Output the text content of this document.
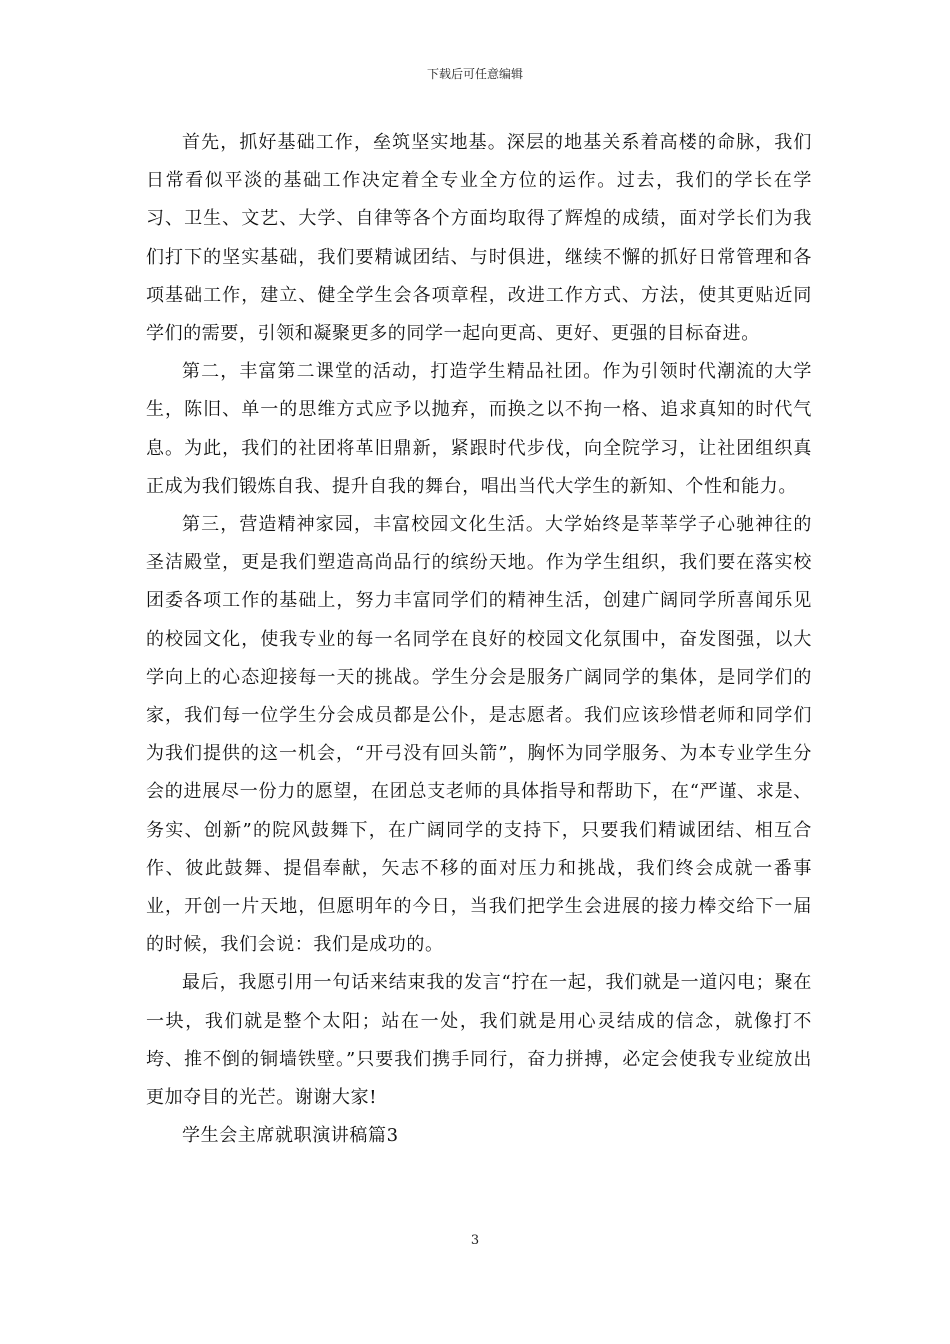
下载后可任意编辑

首先，抓好基础工作，垒筑坚实地基。深层的地基关系着高楼的命脉，我们日常看似平淡的基础工作决定着全专业全方位的运作。过去，我们的学长在学习、卫生、文艺、大学、自律等各个方面均取得了辉煌的成绩，面对学长们为我们打下的坚实基础，我们要精诚团结、与时俱进，继续不懈的抓好日常管理和各项基础工作，建立、健全学生会各项章程，改进工作方式、方法，使其更贴近同学们的需要，引领和凝聚更多的同学一起向更高、更好、更强的目标奋进。

第二，丰富第二课堂的活动，打造学生精品社团。作为引领时代潮流的大学生，陈旧、单一的思维方式应予以抛弃，而换之以不拘一格、追求真知的时代气息。为此，我们的社团将革旧鼎新，紧跟时代步伐，向全院学习，让社团组织真正成为我们锻炼自我、提升自我的舞台，唱出当代大学生的新知、个性和能力。

第三，营造精神家园，丰富校园文化生活。大学始终是莘莘学子心驰神往的圣洁殿堂，更是我们塑造高尚品行的缤纷天地。作为学生组织，我们要在落实校团委各项工作的基础上，努力丰富同学们的精神生活，创建广阔同学所喜闻乐见的校园文化，使我专业的每一名同学在良好的校园文化氛围中，奋发图强，以大学向上的心态迎接每一天的挑战。学生分会是服务广阔同学的集体，是同学们的家，我们每一位学生分会成员都是公仆，是志愿者。我们应该珍惜老师和同学们为我们提供的这一机会，“开弓没有回头箭”，胸怀为同学服务、为本专业学生分会的进展尽一份力的愿望，在团总支老师的具体指导和帮助下，在“严谨、求是、务实、创新”的院风鼓舞下，在广阔同学的支持下，只要我们精诚团结、相互合作、彼此鼓舞、提倡奉献，矢志不移的面对压力和挑战，我们终会成就一番事业，开创一片天地，但愿明年的今日，当我们把学生会进展的接力棒交给下一届的时候，我们会说：我们是成功的。

最后，我愿引用一句话来结束我的发言“拧在一起，我们就是一道闪电；聚在一块，我们就是整个太阳；站在一处，我们就是用心灵结成的信念，就像打不垮、推不倒的铜墙铁壁。”只要我们携手同行，奋力拼搏，必定会使我专业绽放出更加夺目的光芒。谢谢大家!

学生会主席就职演讲稿篇3

3
